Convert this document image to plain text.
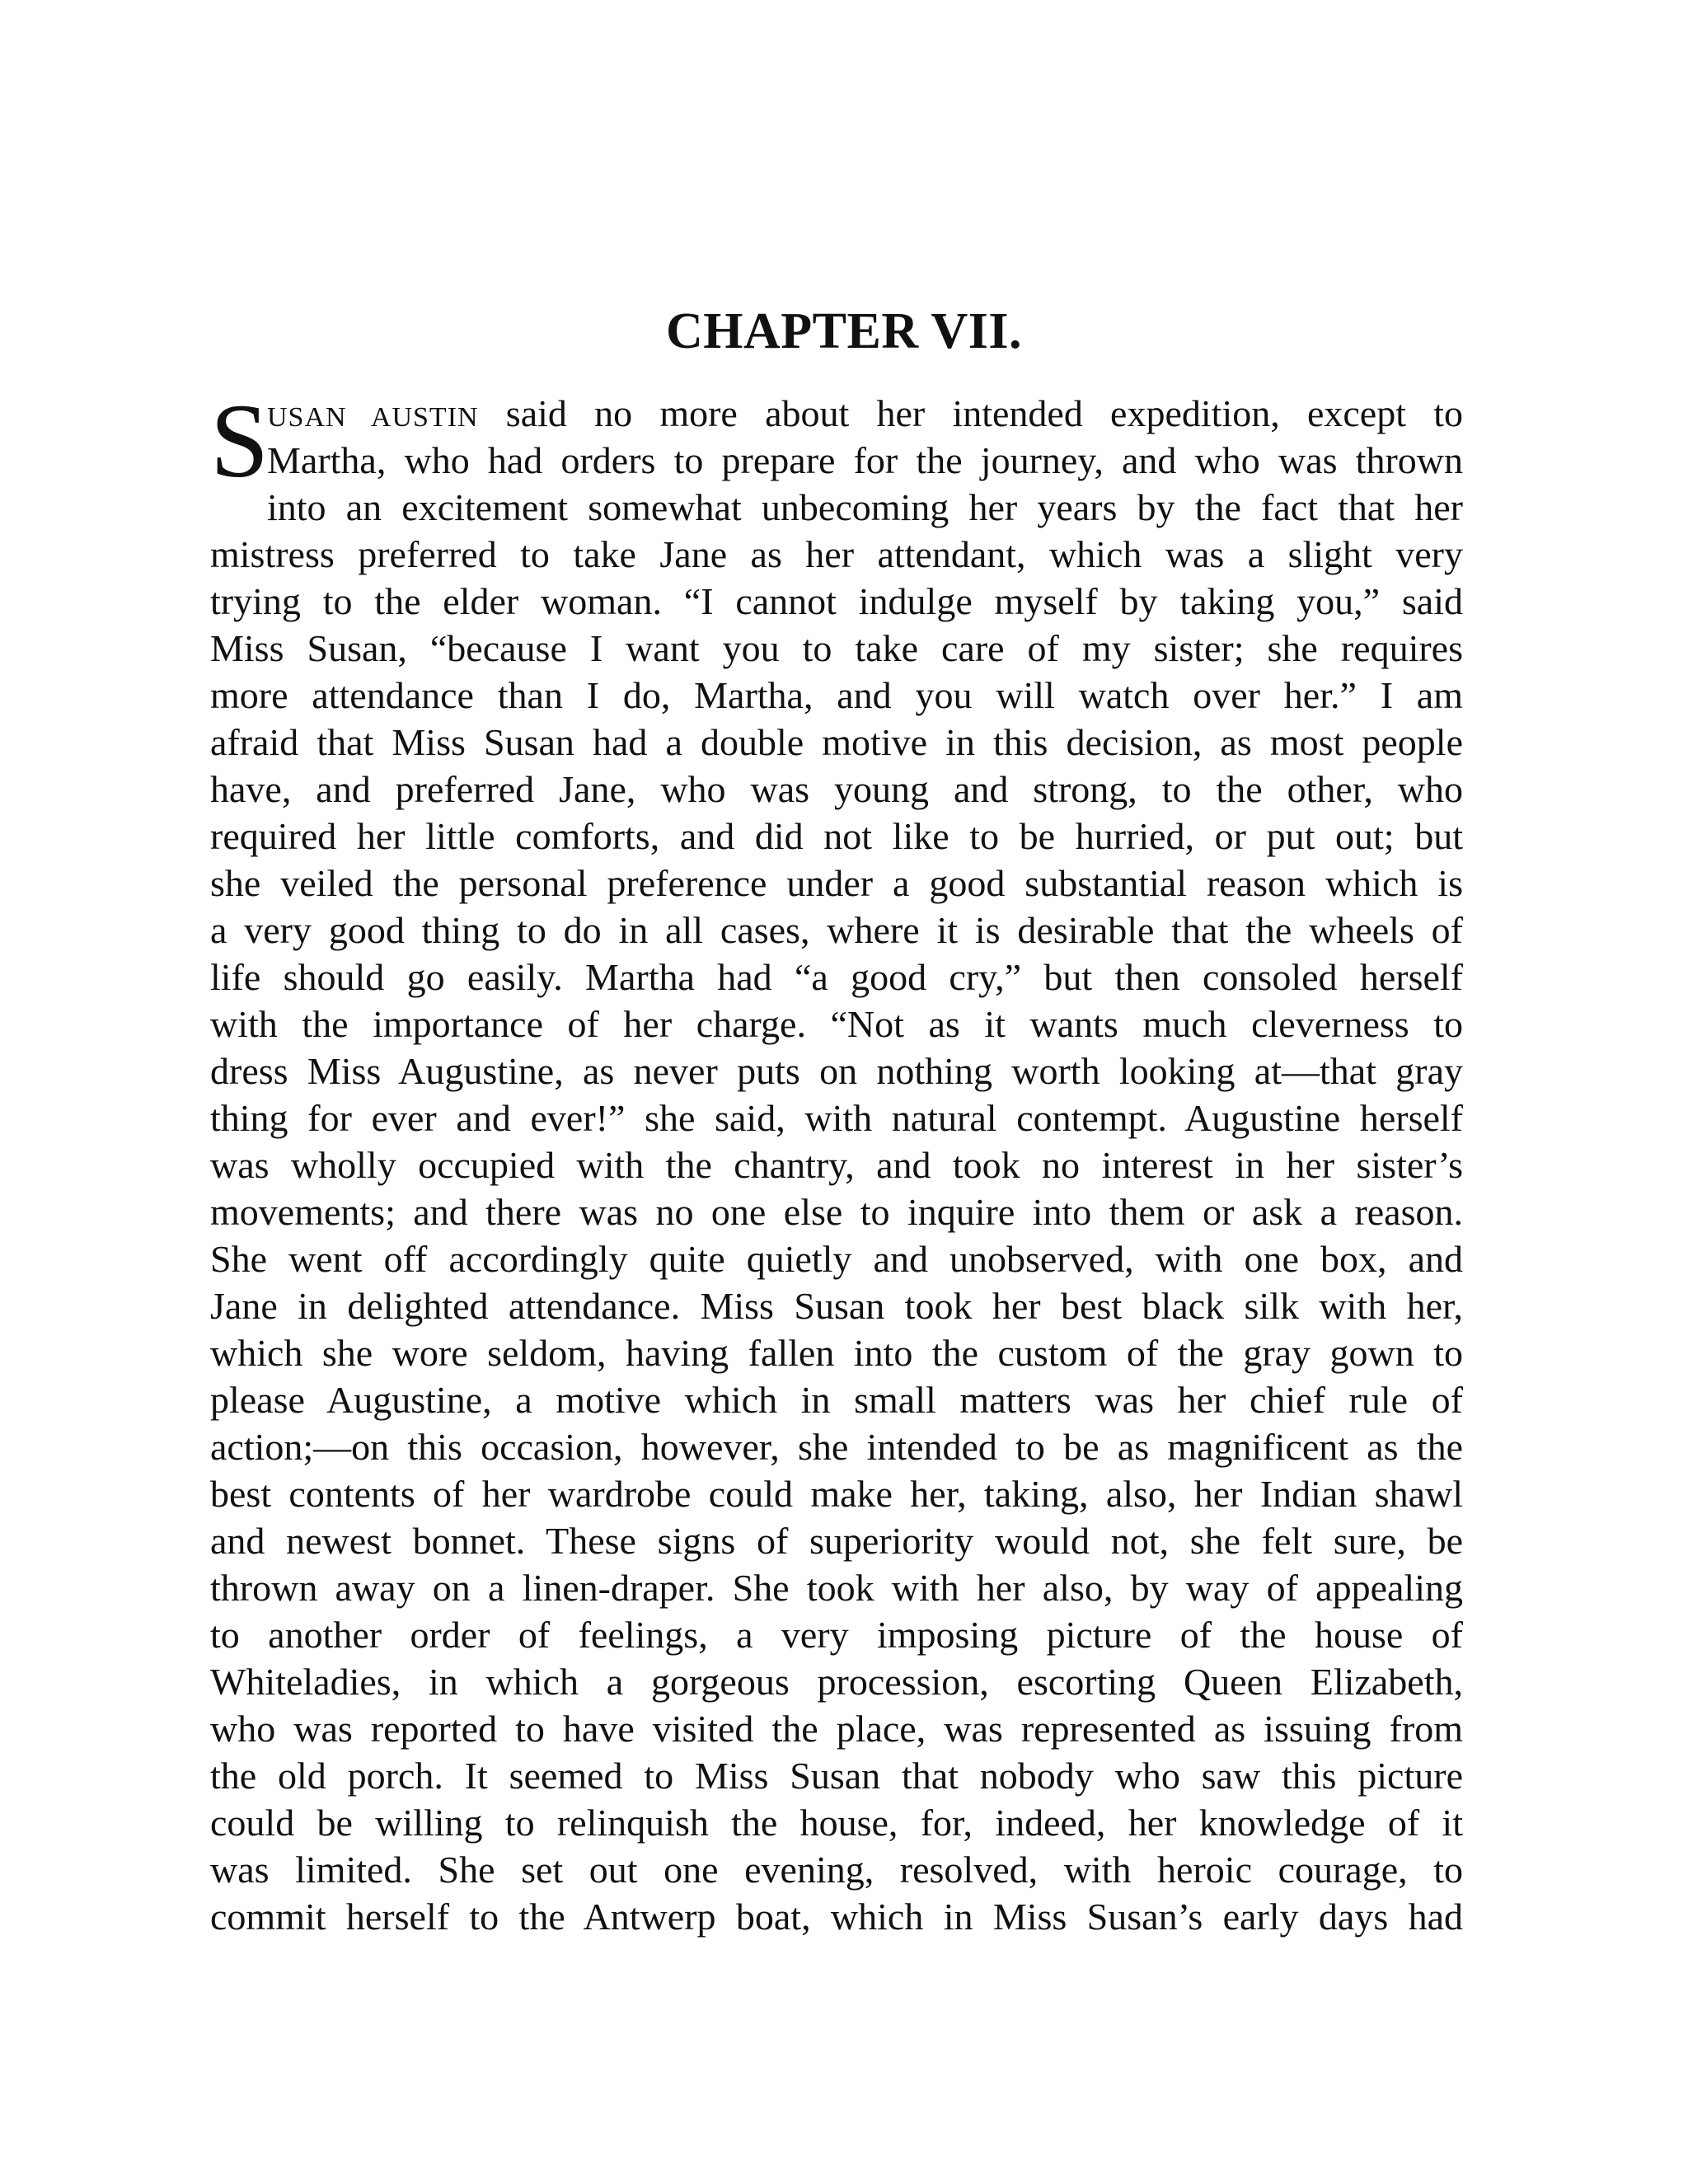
CHAPTER VII.
S
USAN AUSTIN said no more about her intended expedition, except to
Martha, who had orders to prepare for the journey, and who was thrown
into an excitement somewhat unbecoming her years by the fact that her
mistress preferred to take Jane as her attendant, which was a slight very
trying to the elder woman. “I cannot indulge myself by taking you,” said
Miss Susan, “because I want you to take care of my sister; she requires
more attendance than I do, Martha, and you will watch over her.” I am
afraid that Miss Susan had a double motive in this decision, as most people
have, and preferred Jane, who was young and strong, to the other, who
required her little comforts, and did not like to be hurried, or put out; but
she veiled the personal preference under a good substantial reason which is
a very good thing to do in all cases, where it is desirable that the wheels of
life should go easily. Martha had “a good cry,” but then consoled herself
with the importance of her charge. “Not as it wants much cleverness to
dress Miss Augustine, as never puts on nothing worth looking at—that gray
thing for ever and ever!” she said, with natural contempt. Augustine herself
was wholly occupied with the chantry, and took no interest in her sister’s
movements; and there was no one else to inquire into them or ask a reason.
She went off accordingly quite quietly and unobserved, with one box, and
Jane in delighted attendance. Miss Susan took her best black silk with her,
which she wore seldom, having fallen into the custom of the gray gown to
please Augustine, a motive which in small matters was her chief rule of
action;—on this occasion, however, she intended to be as magnificent as the
best contents of her wardrobe could make her, taking, also, her Indian shawl
and newest bonnet. These signs of superiority would not, she felt sure, be
thrown away on a linen-draper. She took with her also, by way of appealing
to another order of feelings, a very imposing picture of the house of
Whiteladies, in which a gorgeous procession, escorting Queen Elizabeth,
who was reported to have visited the place, was represented as issuing from
the old porch. It seemed to Miss Susan that nobody who saw this picture
could be willing to relinquish the house, for, indeed, her knowledge of it
was limited. She set out one evening, resolved, with heroic courage, to
commit herself to the Antwerp boat, which in Miss Susan’s early days had
